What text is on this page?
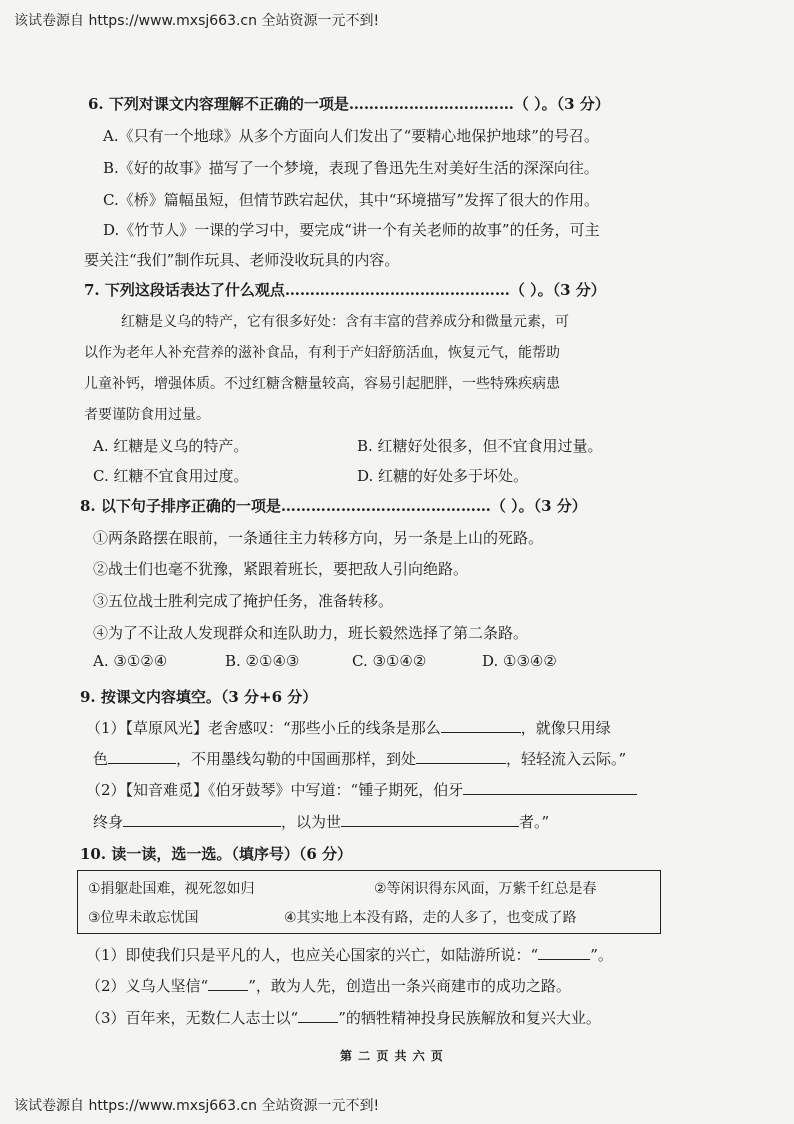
该试卷源自 https://www.mxsj663.cn 全站资源一元不到!
6. 下列对课文内容理解不正确的一项是……………………………（ ）。（3 分）
A.《只有一个地球》从多个方面向人们发出了“要精心地保护地球”的号召。
B.《好的故事》描写了一个梦境，表现了鲁迅先生对美好生活的深深向往。
C.《桥》篇幅虽短，但情节跌宕起伏，其中“环境描写”发挥了很大的作用。
D.《竹节人》一课的学习中，要完成“讲一个有关老师的故事”的任务，可主
要关注“我们”制作玩具、老师没收玩具的内容。
7. 下列这段话表达了什么观点………………………………………（ ）。（3 分）
红糖是义乌的特产，它有很多好处：含有丰富的营养成分和微量元素，可
以作为老年人补充营养的滋补食品，有利于产妇舒筋活血，恢复元气，能帮助
儿童补钙，增强体质。不过红糖含糖量较高，容易引起肥胖，一些特殊疾病患
者要谨防食用过量。
A. 红糖是义乌的特产。	B. 红糖好处很多，但不宜食用过量。
C. 红糖不宜食用过度。	D. 红糖的好处多于坏处。
8. 以下句子排序正确的一项是……………………………………（ ）。（3 分）
①两条路摆在眼前，一条通往主力转移方向，另一条是上山的死路。
②战士们也毫不犹豫，紧跟着班长，要把敌人引向绝路。
③五位战士胜利完成了掩护任务，准备转移。
④为了不让敌人发现群众和连队助力，班长毅然选择了第二条路。
A. ③①②④	B. ②①④③	C. ③①④②	D. ①③④②
9. 按课文内容填空。（3 分+6 分）
（1）【草原风光】老舍感叹：“那些小丘的线条是那么	，就像只用绿
色	，不用墨线勾勒的中国画那样，到处	，轻轻流入云际。”
（2）【知音难觅】《伯牙鼓琴》中写道：“锺子期死，伯牙
终身	，以为世	者。”
10. 读一读，选一选。（填序号）（6 分）
①捐躯赴国难，视死忽如归	②等闲识得东风面，万紫千红总是春
③位卑未敢忘忧国	④其实地上本没有路，走的人多了，也变成了路
（1）即使我们只是平凡的人，也应关心国家的兴亡，如陆游所说：“	”。
（2）义乌人坚信“	”，敢为人先，创造出一条兴商建市的成功之路。
（3）百年来，无数仁人志士以“	”的牺牲精神投身民族解放和复兴大业。
第 二 页 共 六 页
该试卷源自 https://www.mxsj663.cn 全站资源一元不到!
